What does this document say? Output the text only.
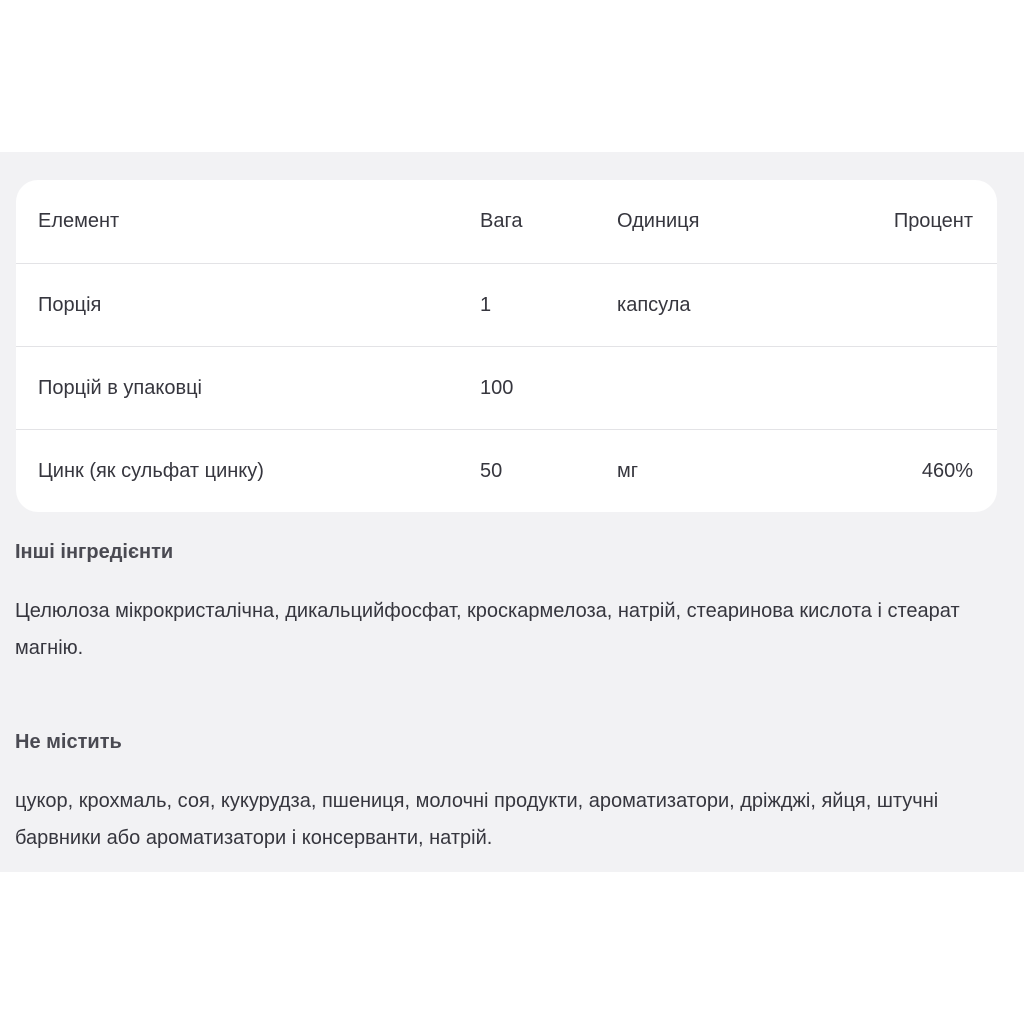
Елемент	Вага	Одиниця	Процент
Порція	1	капсула
Порцій в упаковці	100
Цинк (як сульфат цинку)	50	мг	460%
Інші інгредієнти
Целюлоза мікрокристалічна, дикальцийфосфат, кроскармелоза, натрій, стеаринова кислота і стеарат магнію.
Не містить
цукор, крохмаль, соя, кукурудза, пшениця, молочні продукти, ароматизатори, дріжджі, яйця, штучні барвники або ароматизатори і консерванти, натрій.
